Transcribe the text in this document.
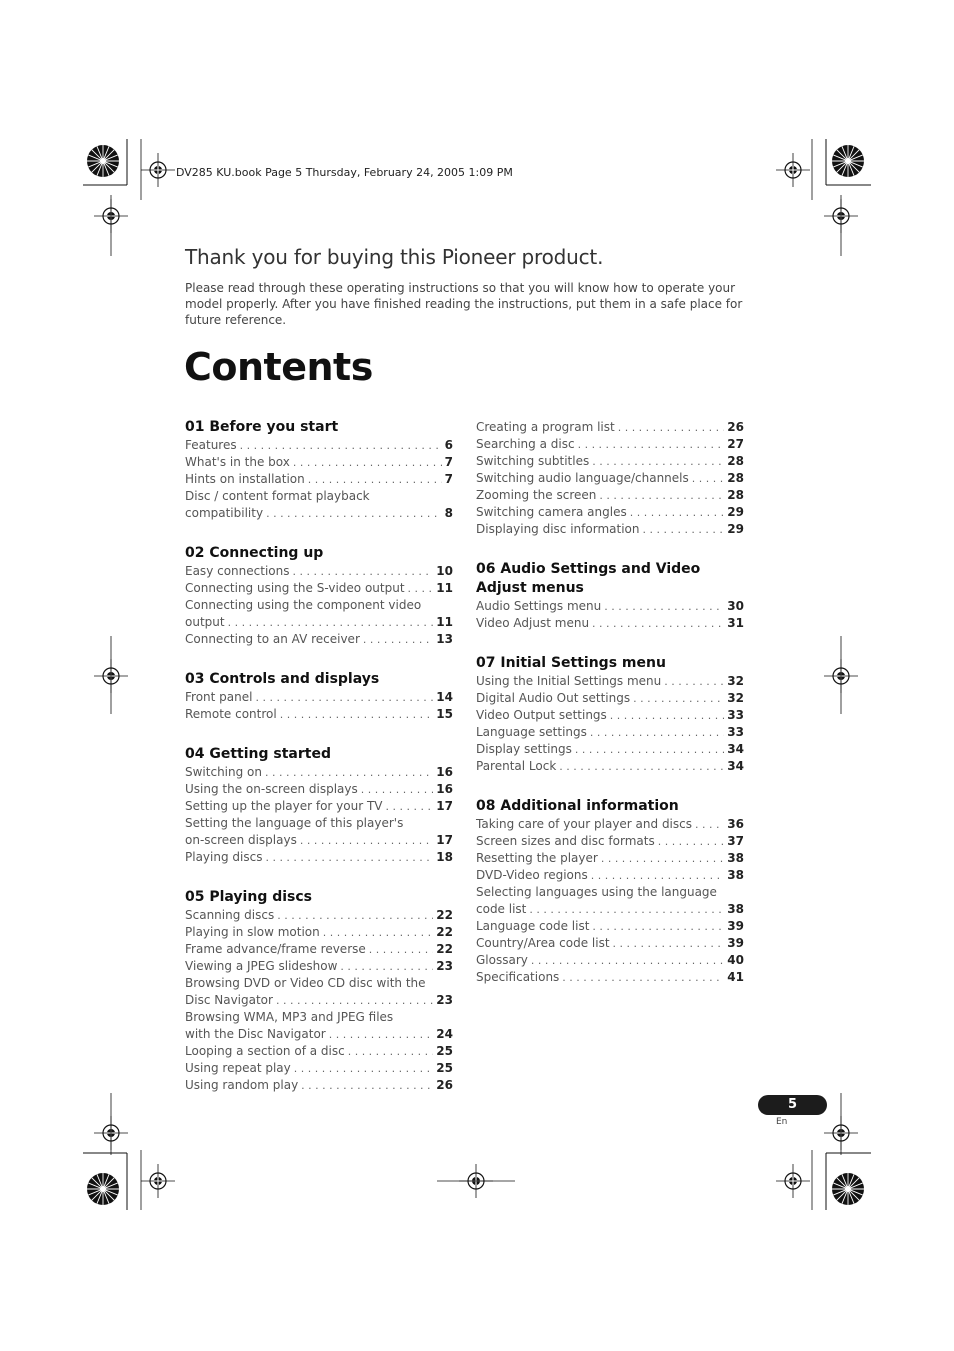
DV285 KU.book Page 5 Thursday, February 24, 2005 1:09 PM
Thank you for buying this Pioneer product.

Please read through these operating instructions so that you will know how to operate your model properly. After you have finished reading the instructions, put them in a safe place for future reference.

Contents
01 Before you start
Features . . .	6
What's in the box . . .	7
Hints on installation . . .	7
Disc / content format playback
compatibility . . .	8
02 Connecting up
Easy connections . . .	10
Connecting using the S-video output . . .	11
Connecting using the component video
output . . .	11
Connecting to an AV receiver . . .	13
03 Controls and displays
Front panel . . .	14
Remote control . . .	15
04 Getting started
Switching on . . .	16
Using the on-screen displays . . .	16
Setting up the player for your TV . . .	17
Setting the language of this player's
on-screen displays . . .	17
Playing discs . . .	18
05 Playing discs
Scanning discs . . .	22
Playing in slow motion . . .	22
Frame advance/frame reverse . . .	22
Viewing a JPEG slideshow . . .	23
Browsing DVD or Video CD disc with the
Disc Navigator . . .	23
Browsing WMA, MP3 and JPEG files
with the Disc Navigator . . .	24
Looping a section of a disc . . .	25
Using repeat play . . .	25
Using random play . . .	26
Creating a program list . . .	26
Searching a disc . . .	27
Switching subtitles . . .	28
Switching audio language/channels . . .	28
Zooming the screen . . .	28
Switching camera angles . . .	29
Displaying disc information . . .	29
06 Audio Settings and Video Adjust menus
Audio Settings menu . . .	30
Video Adjust menu . . .	31
07 Initial Settings menu
Using the Initial Settings menu . . .	32
Digital Audio Out settings . . .	32
Video Output settings . . .	33
Language settings . . .	33
Display settings . . .	34
Parental Lock . . .	34
08 Additional information
Taking care of your player and discs . . .	36
Screen sizes and disc formats . . .	37
Resetting the player . . .	38
DVD-Video regions . . .	38
Selecting languages using the language
code list . . .	38
Language code list . . .	39
Country/Area code list . . .	39
Glossary . . .	40
Specifications . . .	41
5
En
